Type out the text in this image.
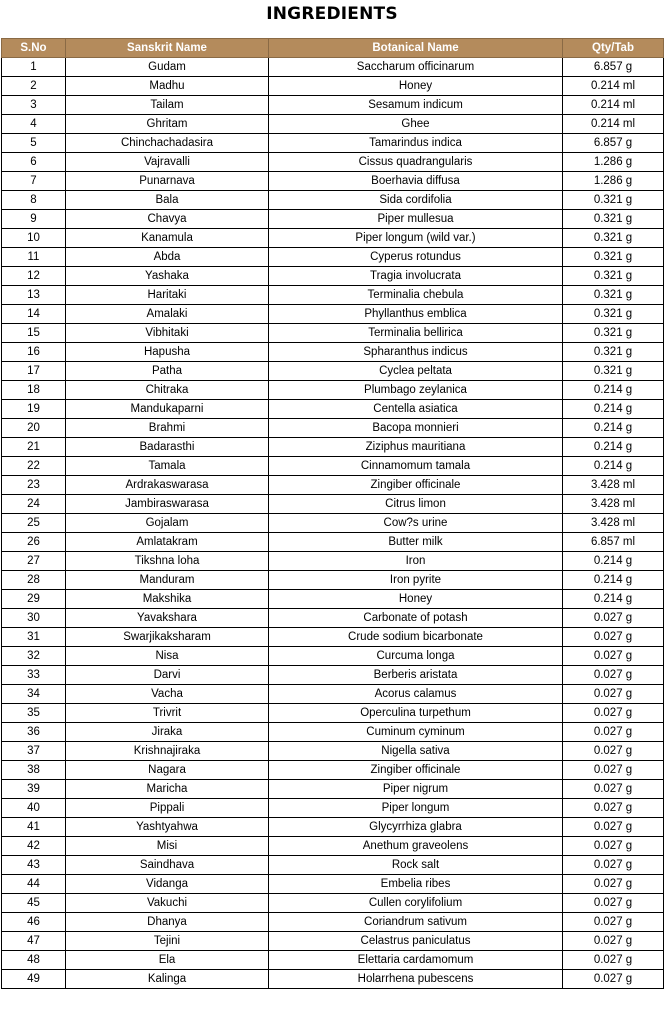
INGREDIENTS
S.No	Sanskrit Name	Botanical Name	Qty/Tab
1	Gudam	Saccharum officinarum	6.857 g
2	Madhu	Honey	0.214 ml
3	Tailam	Sesamum indicum	0.214 ml
4	Ghritam	Ghee	0.214 ml
5	Chinchachadasira	Tamarindus indica	6.857 g
6	Vajravalli	Cissus quadrangularis	1.286 g
7	Punarnava	Boerhavia diffusa	1.286 g
8	Bala	Sida cordifolia	0.321 g
9	Chavya	Piper mullesua	0.321 g
10	Kanamula	Piper longum (wild var.)	0.321 g
11	Abda	Cyperus rotundus	0.321 g
12	Yashaka	Tragia involucrata	0.321 g
13	Haritaki	Terminalia chebula	0.321 g
14	Amalaki	Phyllanthus emblica	0.321 g
15	Vibhitaki	Terminalia bellirica	0.321 g
16	Hapusha	Spharanthus indicus	0.321 g
17	Patha	Cyclea peltata	0.321 g
18	Chitraka	Plumbago zeylanica	0.214 g
19	Mandukaparni	Centella asiatica	0.214 g
20	Brahmi	Bacopa monnieri	0.214 g
21	Badarasthi	Ziziphus mauritiana	0.214 g
22	Tamala	Cinnamomum tamala	0.214 g
23	Ardrakaswarasa	Zingiber officinale	3.428 ml
24	Jambiraswarasa	Citrus limon	3.428 ml
25	Gojalam	Cow?s urine	3.428 ml
26	Amlatakram	Butter milk	6.857 ml
27	Tikshna loha	Iron	0.214 g
28	Manduram	Iron pyrite	0.214 g
29	Makshika	Honey	0.214 g
30	Yavakshara	Carbonate of potash	0.027 g
31	Swarjikaksharam	Crude sodium bicarbonate	0.027 g
32	Nisa	Curcuma longa	0.027 g
33	Darvi	Berberis aristata	0.027 g
34	Vacha	Acorus calamus	0.027 g
35	Trivrit	Operculina turpethum	0.027 g
36	Jiraka	Cuminum cyminum	0.027 g
37	Krishnajiraka	Nigella sativa	0.027 g
38	Nagara	Zingiber officinale	0.027 g
39	Maricha	Piper nigrum	0.027 g
40	Pippali	Piper longum	0.027 g
41	Yashtyahwa	Glycyrrhiza glabra	0.027 g
42	Misi	Anethum graveolens	0.027 g
43	Saindhava	Rock salt	0.027 g
44	Vidanga	Embelia ribes	0.027 g
45	Vakuchi	Cullen corylifolium	0.027 g
46	Dhanya	Coriandrum sativum	0.027 g
47	Tejini	Celastrus paniculatus	0.027 g
48	Ela	Elettaria cardamomum	0.027 g
49	Kalinga	Holarrhena pubescens	0.027 g
